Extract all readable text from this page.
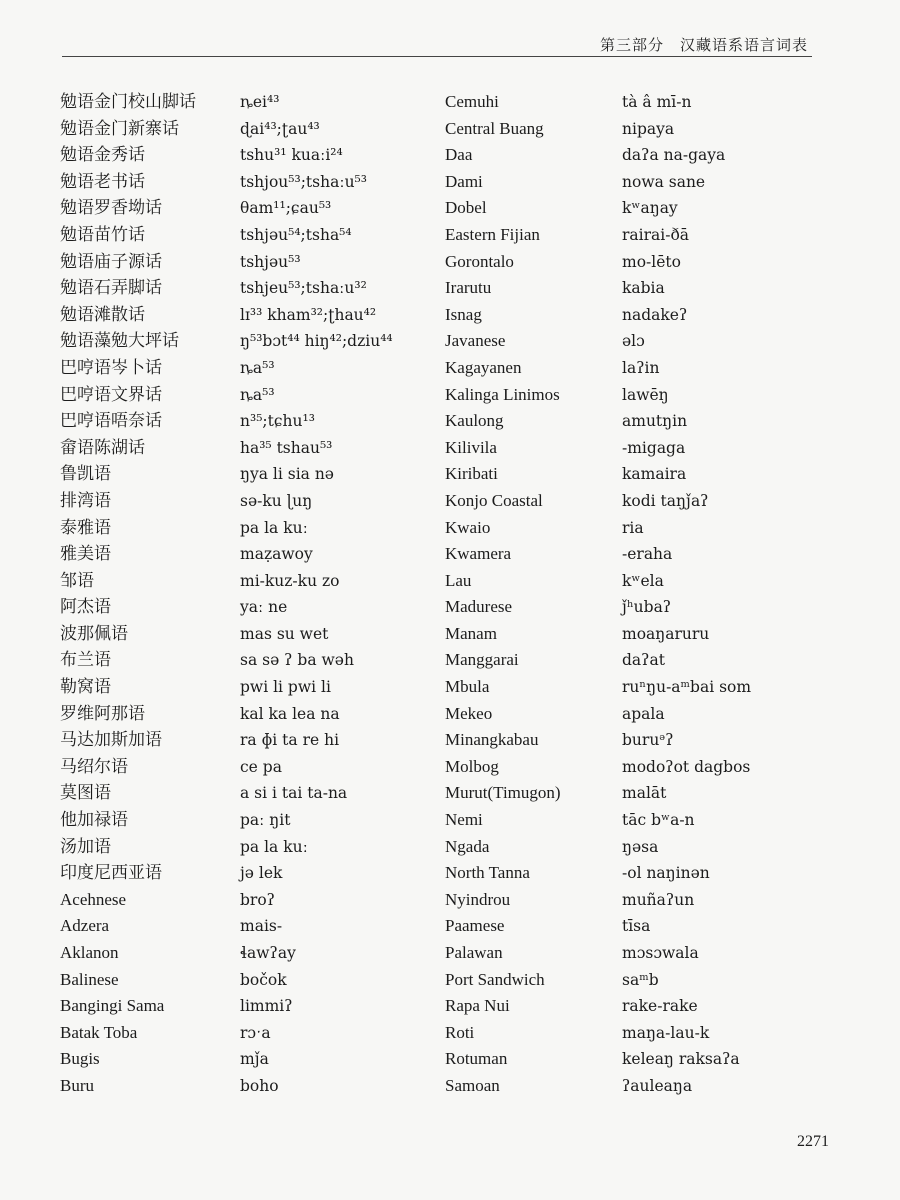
第三部分　汉藏语系语言词表
勉语金门校山脚话
勉语金门新寨话
勉语金秀话
勉语老书话
勉语罗香坳话
勉语苗竹话
勉语庙子源话
勉语石弄脚话
勉语滩散话
勉语藻勉大坪话
巴哼语岑卜话
巴哼语文界话
巴哼语唔奈话
畲语陈湖话
鲁凯语
排湾语
泰雅语
雅美语
邹语
阿杰语
波那佩语
布兰语
勒窝语
罗维阿那语
马达加斯加语
马绍尔语
莫图语
他加禄语
汤加语
印度尼西亚语
Acehnese
Adzera
Aklanon
Balinese
Bangingi Sama
Batak Toba
Bugis
Buru
ȵei⁴³
ɖai⁴³;ʈau⁴³
tshu³¹ kuaːi²⁴
tshjou⁵³;tshaːu⁵³
θam¹¹;ɕau⁵³
tshjəu⁵⁴;tsha⁵⁴
tshjəu⁵³
tshjeu⁵³;tshaːu³²
lɪ³³ kham³²;ʈhau⁴²
ŋ⁵³bɔt⁴⁴ hiŋ⁴²;dziu⁴⁴
ȵa⁵³
ȵa⁵³
n³⁵;tɕhu¹³
ha³⁵ tshau⁵³
ŋya li sia nə
sə-ku ɭuŋ
pa la kuː
maẓawoy
mi-kuz-ku zo
yaː ne
mas su wet
sa sə ʔ ba wəh
pwi li pwi li
kal ka lea na
ra ɸi ta re hi
ce pa
a si i tai ta-na
paː ŋit
pa la kuː
jə lek
broʔ
mais-
ɬawʔay
bočok
limmiʔ
rɔˑa
mǰa
boho
Cemuhi
Central Buang
Daa
Dami
Dobel
Eastern Fijian
Gorontalo
Irarutu
Isnag
Javanese
Kagayanen
Kalinga Linimos
Kaulong
Kilivila
Kiribati
Konjo Coastal
Kwaio
Kwamera
Lau
Madurese
Manam
Manggarai
Mbula
Mekeo
Minangkabau
Molbog
Murut(Timugon)
Nemi
Ngada
North Tanna
Nyindrou
Paamese
Palawan
Port Sandwich
Rapa Nui
Roti
Rotuman
Samoan
tà â mī-n
nipaya
daʔa na-gaya
nowa sane
kʷaŋay
rairai-ðā
mo-lēto
kabia
nadakeʔ
əlɔ
laʔin
lawēŋ
amutŋin
-migaga
kamaira
kodi taŋǰaʔ
ria
-eraha
kʷela
ǰʰubaʔ
moaŋaruru
daʔat
ruⁿŋu-aᵐbai som
apala
buruᵊʔ
modoʔot dagbos
malāt
tāc bʷa-n
ŋəsa
-ol naŋinən
muñaʔun
tīsa
mɔsɔwala
saᵐb
rake-rake
maŋa-lau-k
keleaŋ raksaʔa
ʔauleaŋa
2271
